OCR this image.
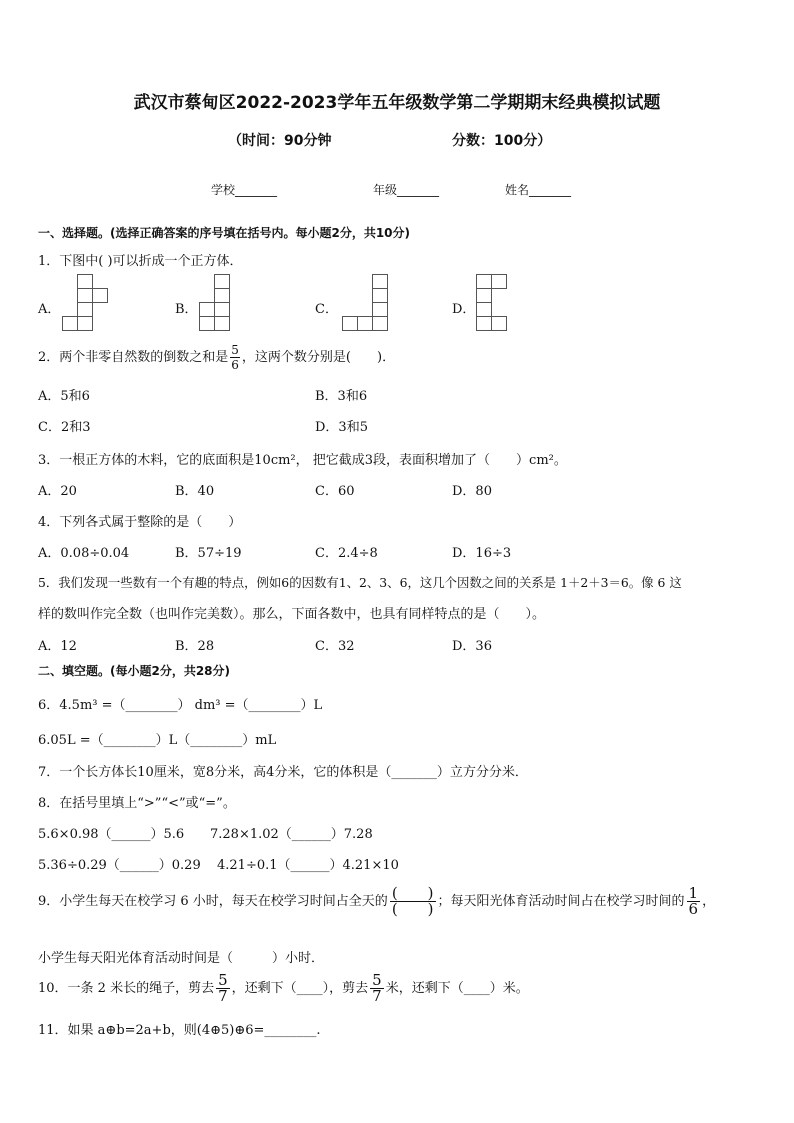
武汉市蔡甸区2022-2023学年五年级数学第二学期期末经典模拟试题
（时间：90分钟	分数：100分）
学校_______	年级_______	姓名_______
一、选择题。(选择正确答案的序号填在括号内。每小题2分，共10分)
1．下图中( )可以折成一个正方体．
A．	B．	C．	D．
2．两个非零自然数的倒数之和是 $\frac{5}{6}$ ，这两个数分别是(　　)．
A．5和6	B．3和6
C．2和3	D．3和5
3．一根正方体的木料，它的底面积是10cm²， 把它截成3段，表面积增加了（　　）cm²。
A．20	B．40	C．60	D．80
4．下列各式属于整除的是（　　）
A．0.08÷0.04	B．57÷19	C．2.4÷8	D．16÷3
5．我们发现一些数有一个有趣的特点，例如6的因数有1、2、3、6，这几个因数之间的关系是 1＋2＋3＝6。像 6 这
样的数叫作完全数（也叫作完美数）。那么，下面各数中，也具有同样特点的是（　　）。
A．12	B．28	C．32	D．36
二、填空题。(每小题2分，共28分)
6．4.5m³ =（________） dm³ =（________）L
6.05L =（________）L（________）mL
7．一个长方体长10厘米，宽8分米，高4分米，它的体积是（_______）立方分分米．
8．在括号里填上“>”“<”或“=”。
5.6×0.98（______）5.6 7.28×1.02（______）7.28
5.36÷0.29（______）0.29 4.21÷0.1（______）4.21×10
9．小学生每天在校学习 6 小时，每天在校学习时间占全天的 $\frac{( )}{( )}$ ；每天阳光体育活动时间占在校学习时间的 $\frac{1}{6}$ ，
小学生每天阳光体育活动时间是（　　　）小时．
10．一条 2 米长的绳子，剪去 $\frac{5}{7}$ ，还剩下（____），剪去 $\frac{5}{7}$ 米，还剩下（____）米。
11．如果 a⊕b=2a+b，则(4⊕5)⊕6=________.
